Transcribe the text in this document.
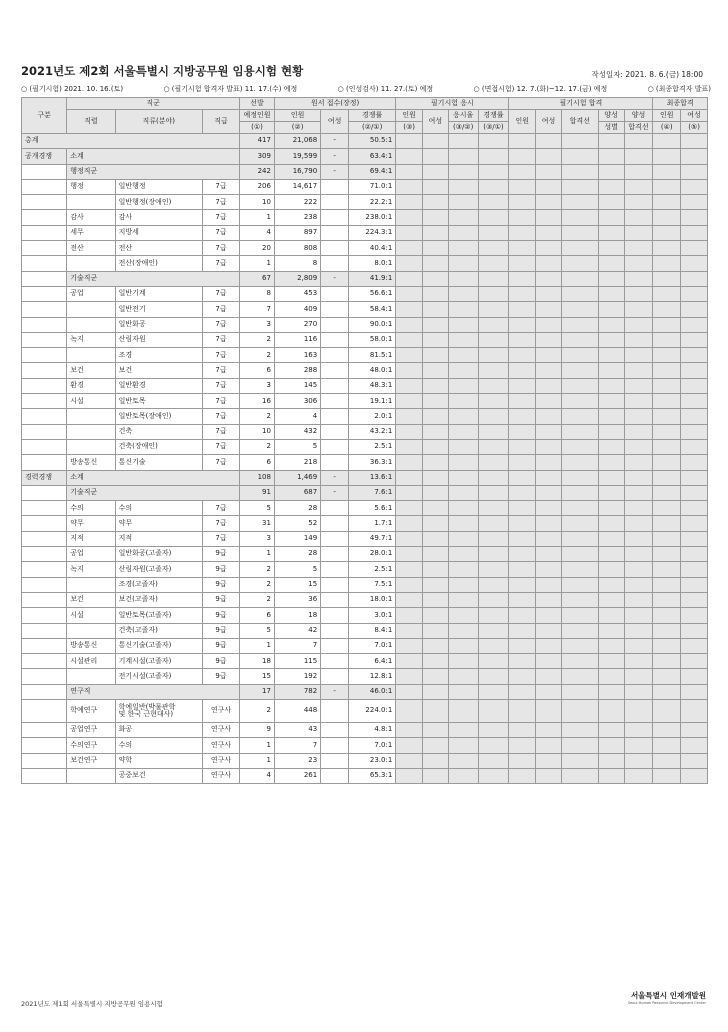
2021년도 제2회 서울특별시 지방공무원 임용시험 현황	작성일자: 2021. 8. 6.(금) 18:00
○ (필기시험) 2021. 10. 16.(토)	○ (필기시험 합격자 발표) 11. 17.(수) 예정	○ (인성검사) 11. 27.(토) 예정	○ (면접시험) 12. 7.(화)~12. 17.(금) 예정	○ (최종합격자 발표)
구분	직군			선발	원서 접수(장정)			필기시험 응시				필기시험 합격					최종합격	
	직렬	직류(분야)	직급	예정인원	인원	여성	경쟁률	인원	여성	응시율	경쟁률	인원	여성	합격선	양성	양성	인원	여성
				(①)	(②)		(②/①)	(③)		(③/②)	(③/①)				성별	합격선	(④)	(⑤)
총계				417	21,068	-	50.5:1											
공개경쟁	소계			309	19,599	-	63.4:1											
	행정직군			242	16,790	-	69.4:1											
	행정	일반행정	7급	206	14,617		71.0:1											
		일반행정(장애인)	7급	10	222		22.2:1											
	감사	감사	7급	1	238		238.0:1											
	세무	지방세	7급	4	897		224.3:1											
	전산	전산	7급	20	808		40.4:1											
		전산(장애인)	7급	1	8		8.0:1											
	기술직군			67	2,809	-	41.9:1											
	공업	일반기계	7급	8	453		56.6:1											
		일반전기	7급	7	409		58.4:1											
		일반화공	7급	3	270		90.0:1											
	녹지	산림자원	7급	2	116		58.0:1											
		조경	7급	2	163		81.5:1											
	보건	보건	7급	6	288		48.0:1											
	환경	일반환경	7급	3	145		48.3:1											
	시설	일반토목	7급	16	306		19.1:1											
		일반토목(장애인)	7급	2	4		2.0:1											
		건축	7급	10	432		43.2:1											
		건축(장애인)	7급	2	5		2.5:1											
	방송통신	통신기술	7급	6	218		36.3:1											
경력경쟁	소계			108	1,469	-	13.6:1											
	기술직군			91	687	-	7.6:1											
	수의	수의	7급	5	28		5.6:1											
	약무	약무	7급	31	52		1.7:1											
	지적	지적	7급	3	149		49.7:1											
	공업	일반화공(고졸자)	9급	1	28		28.0:1											
	녹지	산림자원(고졸자)	9급	2	5		2.5:1											
		조경(고졸자)	9급	2	15		7.5:1											
	보건	보건(고졸자)	9급	2	36		18.0:1											
	시설	일반토목(고졸자)	9급	6	18		3.0:1											
		건축(고졸자)	9급	5	42		8.4:1											
	방송통신	통신기술(고졸자)	9급	1	7		7.0:1											
	시설관리	기계시설(고졸자)	9급	18	115		6.4:1											
		전기시설(고졸자)	9급	15	192		12.8:1											
	연구직			17	782	-	46.0:1											
	학예연구	학예일반(박물관학
및 한국 근현대사)	연구사	2	448		224.0:1											
	공업연구	화공	연구사	9	43		4.8:1											
	수의연구	수의	연구사	1	7		7.0:1											
	보건연구	약학	연구사	1	23		23.0:1											
		공중보건	연구사	4	261		65.3:1											
2021년도 제1회 서울특별시 지방공무원 임용시험
서울특별시 인재개발원
Seoul Human Resource Development Center
